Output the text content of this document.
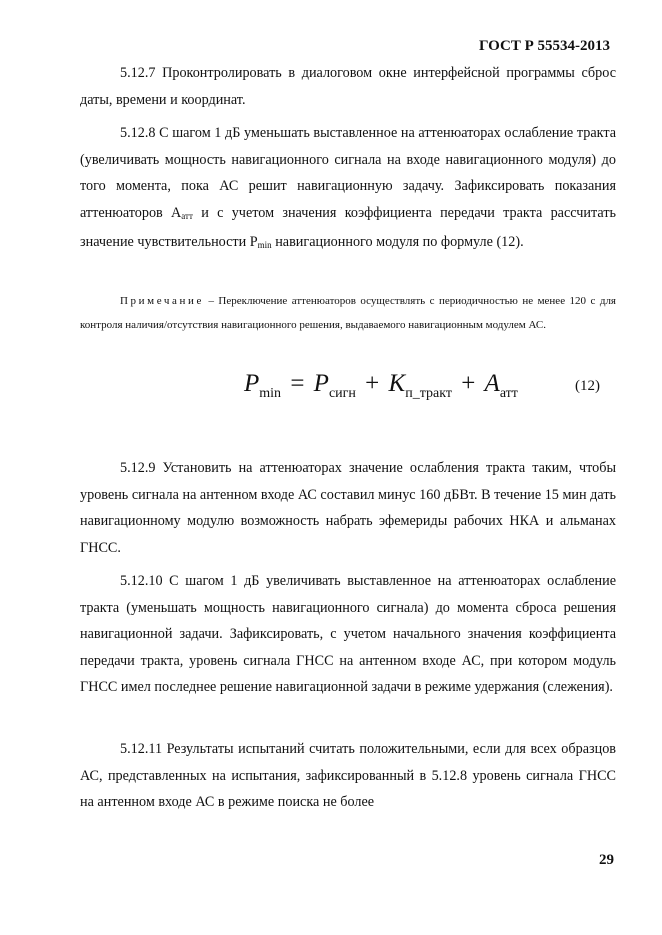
ГОСТ Р 55534-2013

5.12.7 Проконтролировать в диалоговом окне интерфейсной программы сброс даты, времени и координат.

5.12.8 С шагом 1 дБ уменьшать выставленное на аттенюаторах ослабление тракта (увеличивать мощность навигационного сигнала на входе навигационного модуля) до того момента, пока АС решит навигационную задачу. Зафиксировать показания аттенюаторов $А_{атт}$ и с учетом значения коэффициента передачи тракта рассчитать значение чувствительности $P_{min}$ навигационного модуля по формуле (12).

Примечание – Переключение аттенюаторов осуществлять с периодичностью не менее 120 с для контроля наличия/отсутствия навигационного решения, выдаваемого навигационным модулем АС.

$P_{min} = P_{сигн} + K_{п\_тракт} + A_{атт}$	(12)

5.12.9 Установить на аттенюаторах значение ослабления тракта таким, чтобы уровень сигнала на антенном входе АС составил минус 160 дБВт. В течение 15 мин дать навигационному модулю возможность набрать эфемериды рабочих НКА и альманах ГНСС.

5.12.10 С шагом 1 дБ увеличивать выставленное на аттенюаторах ослабление тракта (уменьшать мощность навигационного сигнала) до момента сброса решения навигационной задачи. Зафиксировать, с учетом начального значения коэффициента передачи тракта, уровень сигнала ГНСС на антенном входе АС, при котором модуль ГНСС имел последнее решение навигационной задачи в режиме удержания (слежения).

5.12.11 Результаты испытаний считать положительными, если для всех образцов АС, представленных на испытания, зафиксированный в 5.12.8 уровень сигнала ГНСС на антенном входе АС в режиме поиска не более

29
